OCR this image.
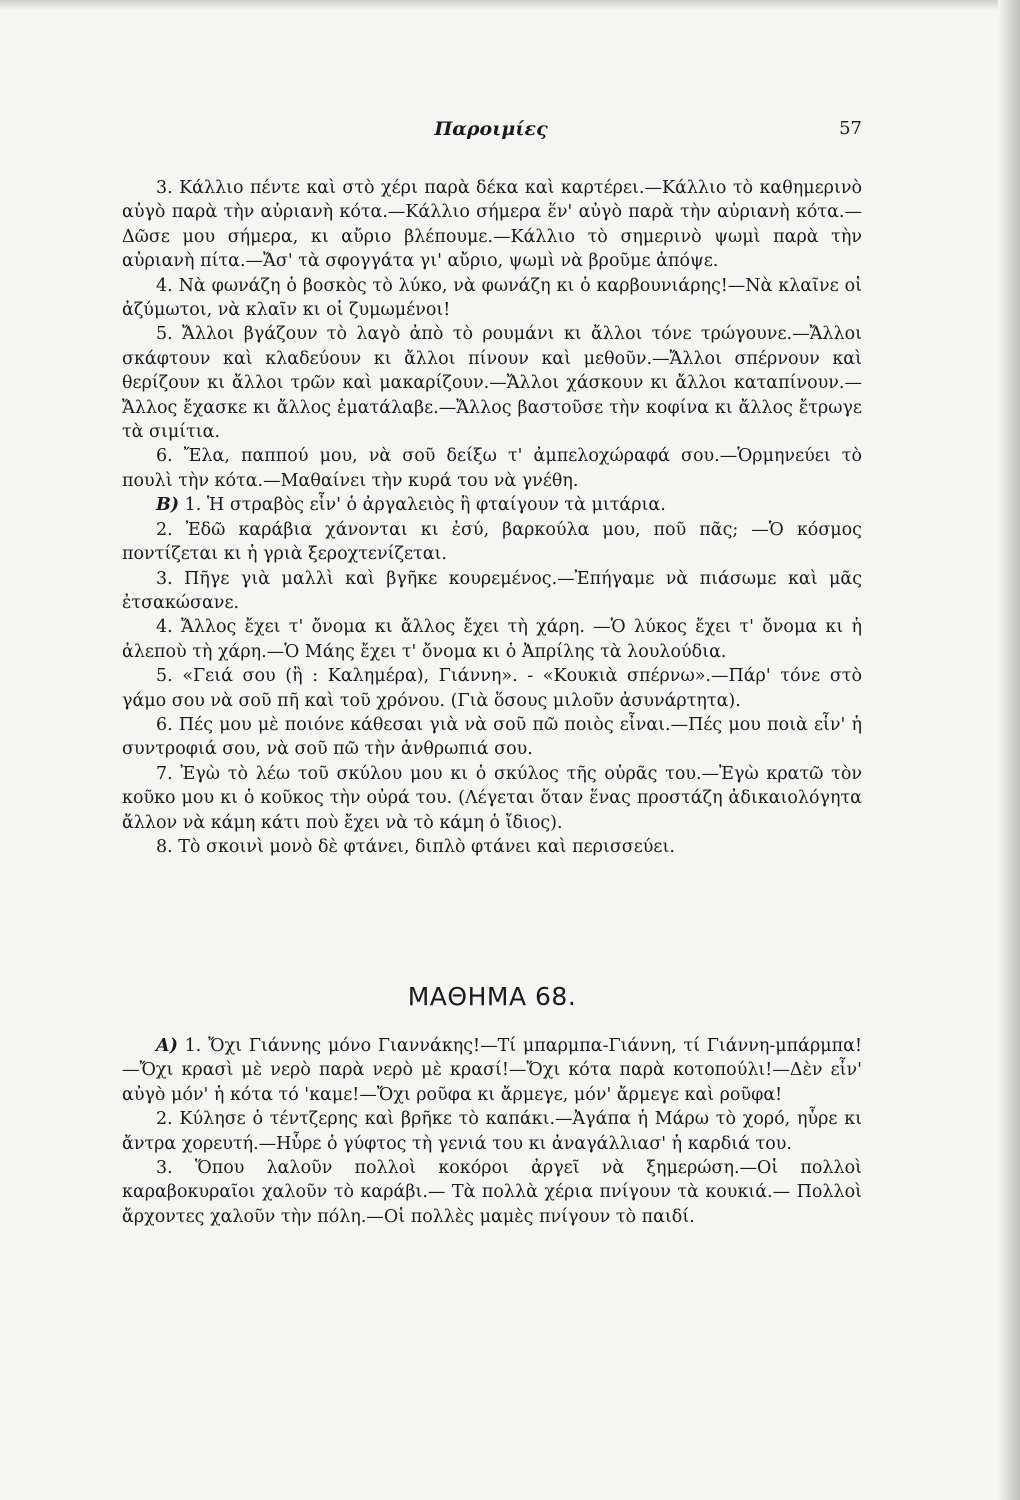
Παροιμίες	57

3. Κάλλιο πέντε καὶ στὸ χέρι παρὰ δέκα καὶ καρτέρει.—Κάλλιο τὸ καθημερινὸ αὐγὸ παρὰ τὴν αὐριανὴ κότα.—Κάλλιο σήμερα ἕν' αὐγὸ παρὰ τὴν αὐριανὴ κότα.—Δῶσε μου σήμερα, κι αὔριο βλέπουμε.—Κάλλιο τὸ σημερινὸ ψωμὶ παρὰ τὴν αὐριανὴ πίτα.—Ἄσ' τὰ σφογγάτα γι' αὔριο, ψωμὶ νὰ βροῦμε ἀπόψε.

4. Νὰ φωνάζη ὁ βοσκὸς τὸ λύκο, νὰ φωνάζη κι ὁ καρβουνιάρης!—Νὰ κλαῖνε οἱ ἀζύμωτοι, νὰ κλαῖν κι οἱ ζυμωμένοι!

5. Ἄλλοι βγάζουν τὸ λαγὸ ἀπὸ τὸ ρουμάνι κι ἄλλοι τόνε τρώγουνε.—Ἄλλοι σκάφτουν καὶ κλαδεύουν κι ἄλλοι πίνουν καὶ μεθοῦν.—Ἄλλοι σπέρνουν καὶ θερίζουν κι ἄλλοι τρῶν καὶ μακαρίζουν.—Ἄλλοι χάσκουν κι ἄλλοι καταπίνουν.—Ἄλλος ἔχασκε κι ἄλλος ἐματάλαβε.—Ἄλλος βαστοῦσε τὴν κοφίνα κι ἄλλος ἔτρωγε τὰ σιμίτια.

6. Ἔλα, παππού μου, νὰ σοῦ δείξω τ' ἀμπελοχώραφά σου.—Ὁρμηνεύει τὸ πουλὶ τὴν κότα.—Μαθαίνει τὴν κυρά του νὰ γνέθη.

Β) 1. Ἡ στραβὸς εἶν' ὁ ἀργαλειὸς ἢ φταίγουν τὰ μιτάρια.

2. Ἐδῶ καράβια χάνονται κι ἐσύ, βαρκούλα μου, ποῦ πᾶς; —Ὁ κόσμος ποντίζεται κι ἡ γριὰ ξεροχτενίζεται.

3. Πῆγε γιὰ μαλλὶ καὶ βγῆκε κουρεμένος.—Ἐπήγαμε νὰ πιάσωμε καὶ μᾶς ἐτσακώσανε.

4. Ἄλλος ἔχει τ' ὄνομα κι ἄλλος ἔχει τὴ χάρη. —Ὁ λύκος ἔχει τ' ὄνομα κι ἡ ἀλεποὺ τὴ χάρη.—Ὁ Μάης ἔχει τ' ὄνομα κι ὁ Ἀπρίλης τὰ λουλούδια.

5. «Γειά σου (ἢ : Καλημέρα), Γιάννη». - «Κουκιὰ σπέρνω».—Πάρ' τόνε στὸ γάμο σου νὰ σοῦ πῆ καὶ τοῦ χρόνου. (Γιὰ ὅσους μιλοῦν ἀσυνάρτητα).

6. Πές μου μὲ ποιόνε κάθεσαι γιὰ νὰ σοῦ πῶ ποιὸς εἶναι.—Πές μου ποιὰ εἶν' ἡ συντροφιά σου, νὰ σοῦ πῶ τὴν ἀνθρωπιά σου.

7. Ἐγὼ τὸ λέω τοῦ σκύλου μου κι ὁ σκύλος τῆς οὐρᾶς του.—Ἐγὼ κρατῶ τὸν κοῦκο μου κι ὁ κοῦκος τὴν οὐρά του. (Λέγεται ὅταν ἕνας προστάζη ἀδικαιολόγητα ἄλλον νὰ κάμη κάτι ποὺ ἔχει νὰ τὸ κάμη ὁ ἴδιος).

8. Τὸ σκοινὶ μονὸ δὲ φτάνει, διπλὸ φτάνει καὶ περισσεύει.

ΜΑΘΗΜΑ 68.

Α) 1. Ὄχι Γιάννης μόνο Γιαννάκης!—Τί μπαρμπα-Γιάννη, τί Γιάννη-μπάρμπα!—Ὄχι κρασὶ μὲ νερὸ παρὰ νερὸ μὲ κρασί!—Ὄχι κότα παρὰ κοτοπούλι!—Δὲν εἶν' αὐγὸ μόν' ἡ κότα τό 'καμε!—Ὄχι ροῦφα κι ἄρμεγε, μόν' ἄρμεγε καὶ ροῦφα!

2. Κύλησε ὁ τέντζερης καὶ βρῆκε τὸ καπάκι.—Ἀγάπα ἡ Μάρω τὸ χορό, ηὗρε κι ἄντρα χορευτή.—Ηὗρε ὁ γύφτος τὴ γενιά του κι ἀναγάλλιασ' ἡ καρδιά του.

3. Ὅπου λαλοῦν πολλοὶ κοκόροι ἀργεῖ νὰ ξημερώση.—Οἱ πολλοὶ καραβοκυραῖοι χαλοῦν τὸ καράβι.— Τὰ πολλὰ χέρια πνίγουν τὰ κουκιά.— Πολλοὶ ἄρχοντες χαλοῦν τὴν πόλη.—Οἱ πολλὲς μαμὲς πνίγουν τὸ παιδί.
